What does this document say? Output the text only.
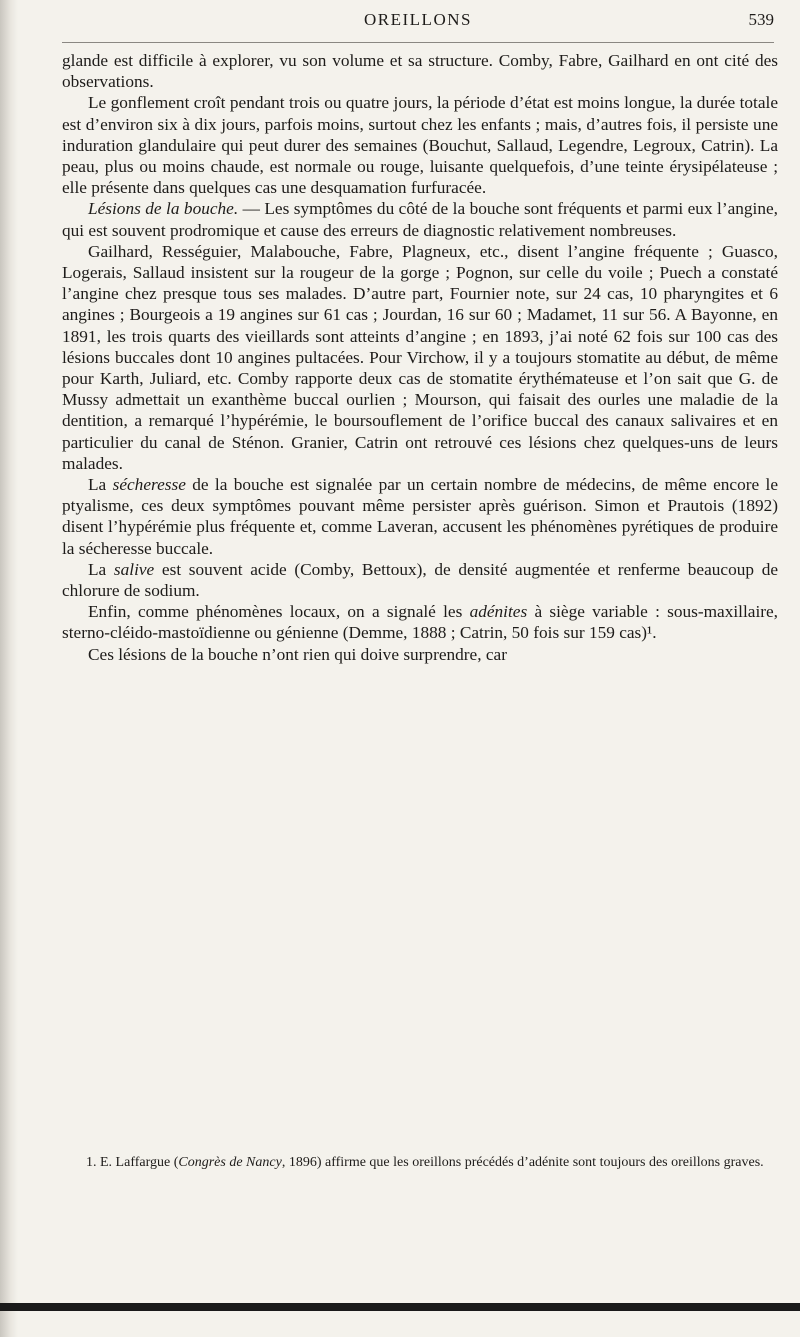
OREILLONS	539

glande est difficile à explorer, vu son volume et sa structure. Comby, Fabre, Gailhard en ont cité des observations.

Le gonflement croît pendant trois ou quatre jours, la période d’état est moins longue, la durée totale est d’environ six à dix jours, parfois moins, surtout chez les enfants ; mais, d’autres fois, il persiste une induration glandulaire qui peut durer des semaines (Bouchut, Sallaud, Legendre, Legroux, Catrin). La peau, plus ou moins chaude, est normale ou rouge, luisante quelquefois, d’une teinte érysipélateuse ; elle présente dans quelques cas une desquamation furfuracée.

Lésions de la bouche. — Les symptômes du côté de la bouche sont fréquents et parmi eux l’angine, qui est souvent prodromique et cause des erreurs de diagnostic relativement nombreuses.

Gailhard, Rességuier, Malabouche, Fabre, Plagneux, etc., disent l’angine fréquente ; Guasco, Logerais, Sallaud insistent sur la rougeur de la gorge ; Pognon, sur celle du voile ; Puech a constaté l’angine chez presque tous ses malades. D’autre part, Fournier note, sur 24 cas, 10 pharyngites et 6 angines ; Bourgeois a 19 angines sur 61 cas ; Jourdan, 16 sur 60 ; Madamet, 11 sur 56. A Bayonne, en 1891, les trois quarts des vieillards sont atteints d’angine ; en 1893, j’ai noté 62 fois sur 100 cas des lésions buccales dont 10 angines pultacées. Pour Virchow, il y a toujours stomatite au début, de même pour Karth, Juliard, etc. Comby rapporte deux cas de stomatite érythémateuse et l’on sait que G. de Mussy admettait un exanthème buccal ourlien ; Mourson, qui faisait des ourles une maladie de la dentition, a remarqué l’hypérémie, le boursouflement de l’orifice buccal des canaux salivaires et en particulier du canal de Sténon. Granier, Catrin ont retrouvé ces lésions chez quelques-uns de leurs malades.

La sécheresse de la bouche est signalée par un certain nombre de médecins, de même encore le ptyalisme, ces deux symptômes pouvant même persister après guérison. Simon et Prautois (1892) disent l’hypérémie plus fréquente et, comme Laveran, accusent les phénomènes pyrétiques de produire la sécheresse buccale.

La salive est souvent acide (Comby, Bettoux), de densité augmentée et renferme beaucoup de chlorure de sodium.

Enfin, comme phénomènes locaux, on a signalé les adénites à siège variable : sous-maxillaire, sterno-cléido-mastoïdienne ou génienne (Demme, 1888 ; Catrin, 50 fois sur 159 cas)¹.

Ces lésions de la bouche n’ont rien qui doive surprendre, car

1. E. Laffargue (Congrès de Nancy, 1896) affirme que les oreillons précédés d’adénite sont toujours des oreillons graves.
